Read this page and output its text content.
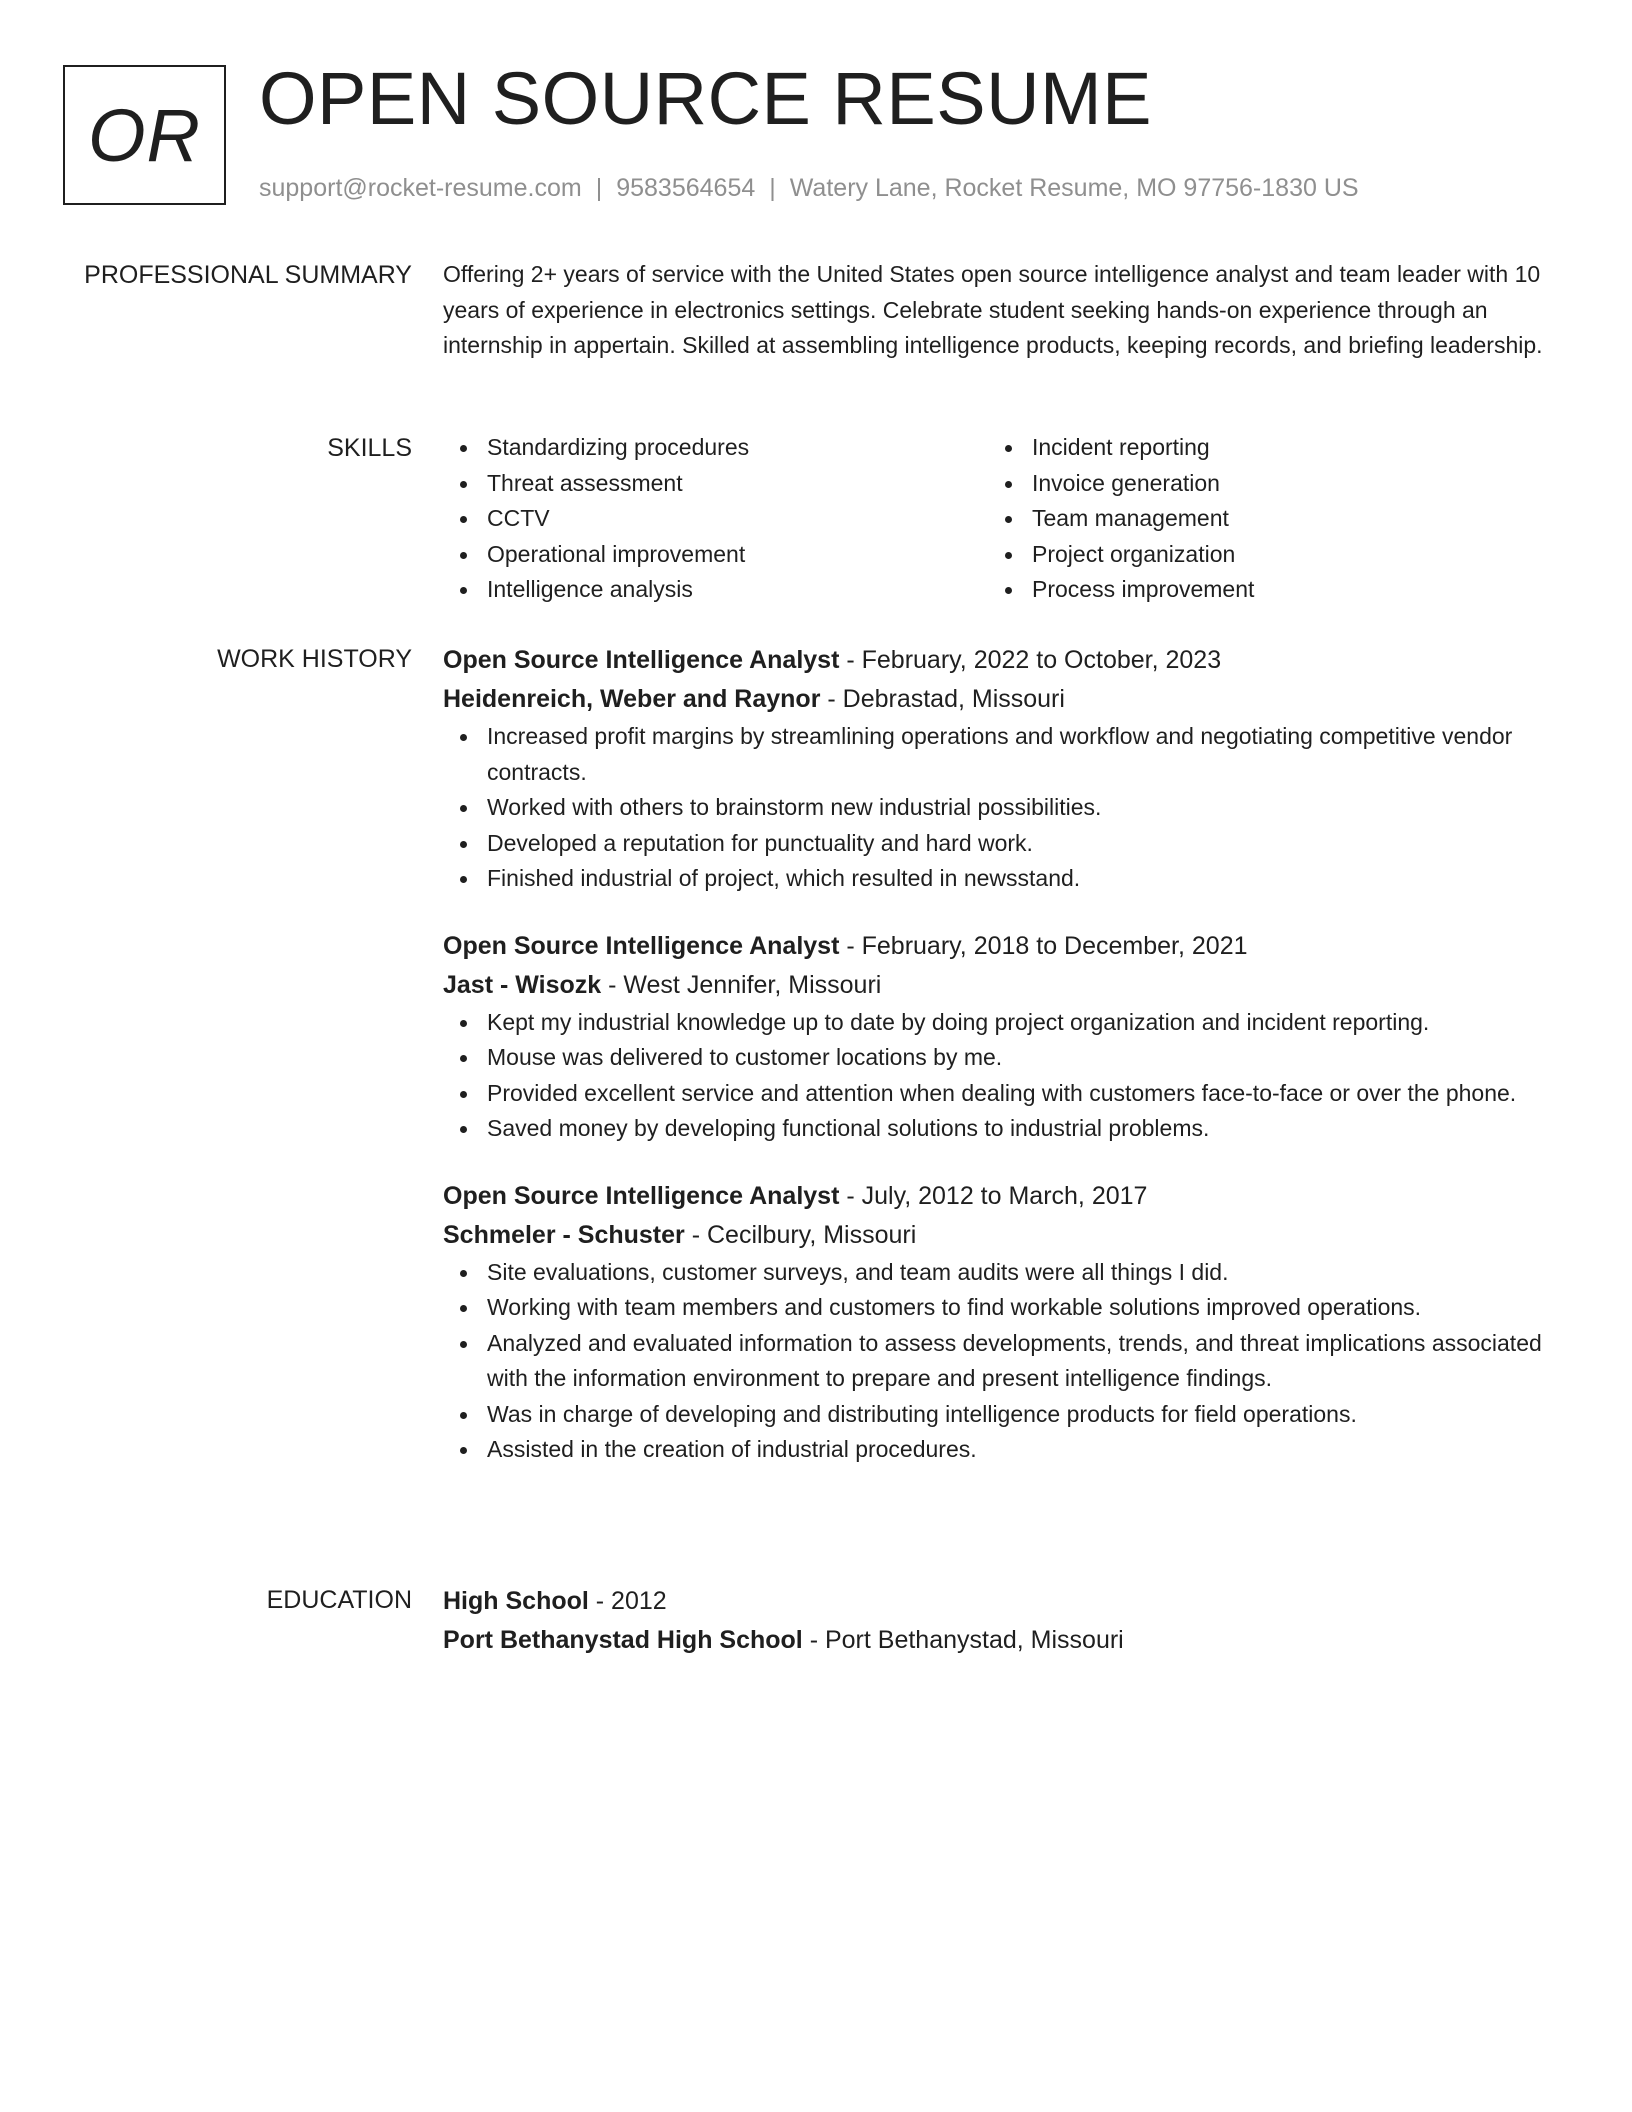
OR OPEN SOURCE RESUME

support@rocket-resume.com | 9583564654 | Watery Lane, Rocket Resume, MO 97756-1830 US

PROFESSIONAL SUMMARY Offering 2+ years of service with the United States open source intelligence analyst and team leader with 10 years of experience in electronics settings. Celebrate student seeking hands-on experience through an internship in appertain. Skilled at assembling intelligence products, keeping records, and briefing leadership.

SKILLS	Standardizing procedures
Threat assessment
CCTV
Operational improvement
Intelligence analysis
Incident reporting
Invoice generation
Team management
Project organization
Process improvement
WORK HISTORY Open Source Intelligence Analyst - February, 2022 to October, 2023

Heidenreich, Weber and Raynor - Debrastad, Missouri

Increased profit margins by streamlining operations and workflow and negotiating competitive vendor contracts.
Worked with others to brainstorm new industrial possibilities.
Developed a reputation for punctuality and hard work.
Finished industrial of project, which resulted in newsstand.

Open Source Intelligence Analyst - February, 2018 to December, 2021

Jast - Wisozk - West Jennifer, Missouri

Kept my industrial knowledge up to date by doing project organization and incident reporting.
Mouse was delivered to customer locations by me.
Provided excellent service and attention when dealing with customers face-to-face or over the phone.
Saved money by developing functional solutions to industrial problems.

Open Source Intelligence Analyst - July, 2012 to March, 2017

Schmeler - Schuster - Cecilbury, Missouri

Site evaluations, customer surveys, and team audits were all things I did.
Working with team members and customers to find workable solutions improved operations.
Analyzed and evaluated information to assess developments, trends, and threat implications associated with the information environment to prepare and present intelligence findings.
Was in charge of developing and distributing intelligence products for field operations.
Assisted in the creation of industrial procedures.
EDUCATION High School - 2012

Port Bethanystad High School - Port Bethanystad, Missouri
